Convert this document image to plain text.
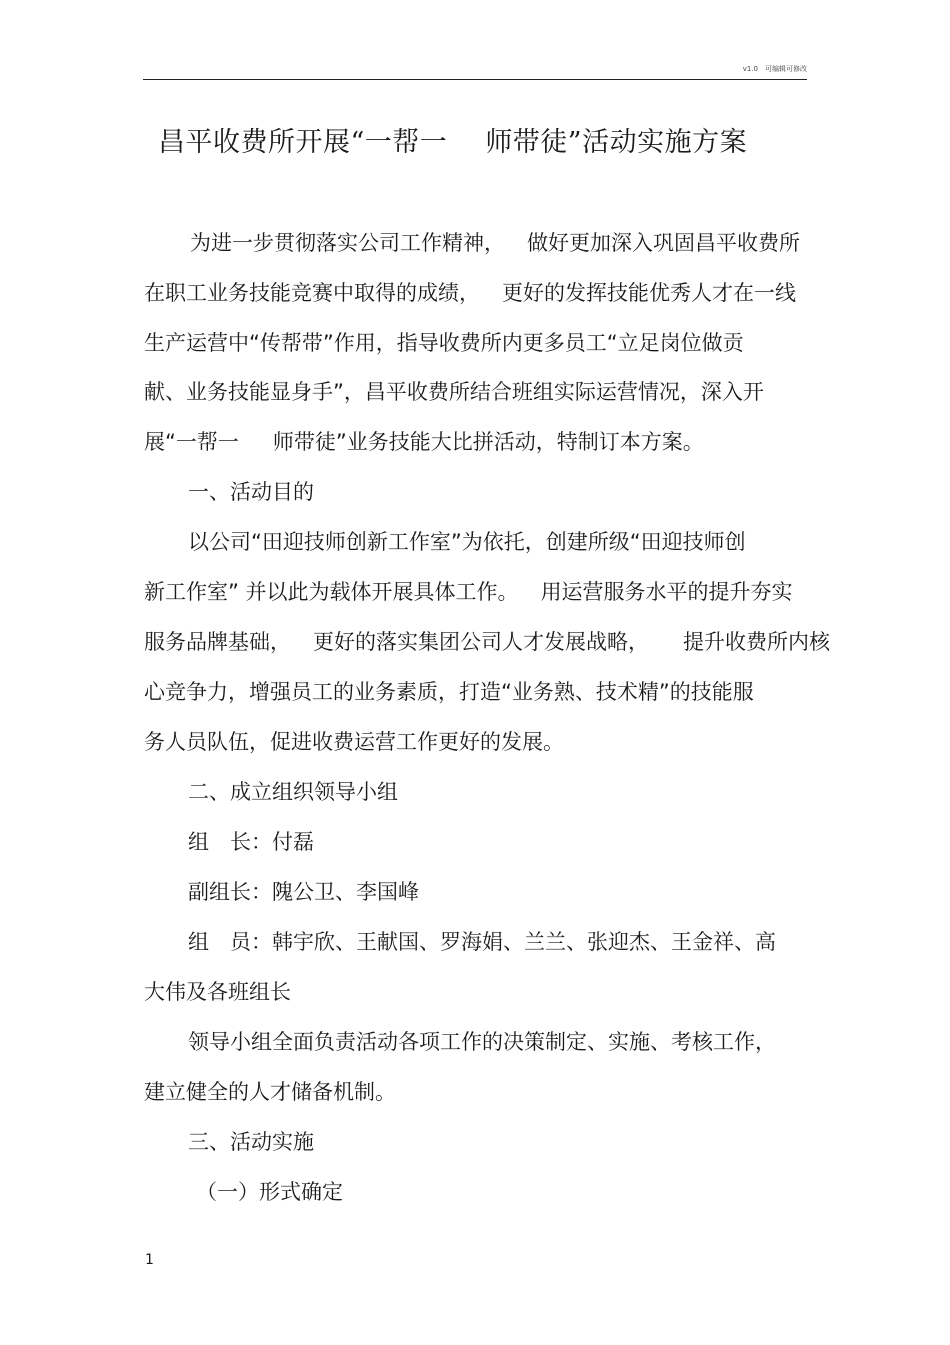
v1.0　可编辑可修改
昌平收费所开展“一帮一 师带徒”活动实施方案
为进一步贯彻落实公司工作精神， 做好更加深入巩固昌平收费所
在职工业务技能竞赛中取得的成绩， 更好的发挥技能优秀人才在一线
生产运营中“传帮带”作用，指导收费所内更多员工“立足岗位做贡
献、业务技能显身手”，昌平收费所结合班组实际运营情况，深入开
展“一帮一 师带徒”业务技能大比拼活动，特制订本方案。
一、活动目的
以公司“田迎技师创新工作室”为依托，创建所级“田迎技师创
新工作室” 并以此为载体开展具体工作。 用运营服务水平的提升夯实
服务品牌基础， 更好的落实集团公司人才发展战略， 提升收费所内核
心竞争力，增强员工的业务素质，打造“业务熟、技术精”的技能服
务人员队伍，促进收费运营工作更好的发展。
二、成立组织领导小组
组　长：付磊
副组长：隗公卫、李国峰
组　员：韩宇欣、王献国、罗海娟、兰兰、张迎杰、王金祥、高
大伟及各班组长
领导小组全面负责活动各项工作的决策制定、实施、考核工作，
建立健全的人才储备机制。
三、活动实施
（一）形式确定
1
